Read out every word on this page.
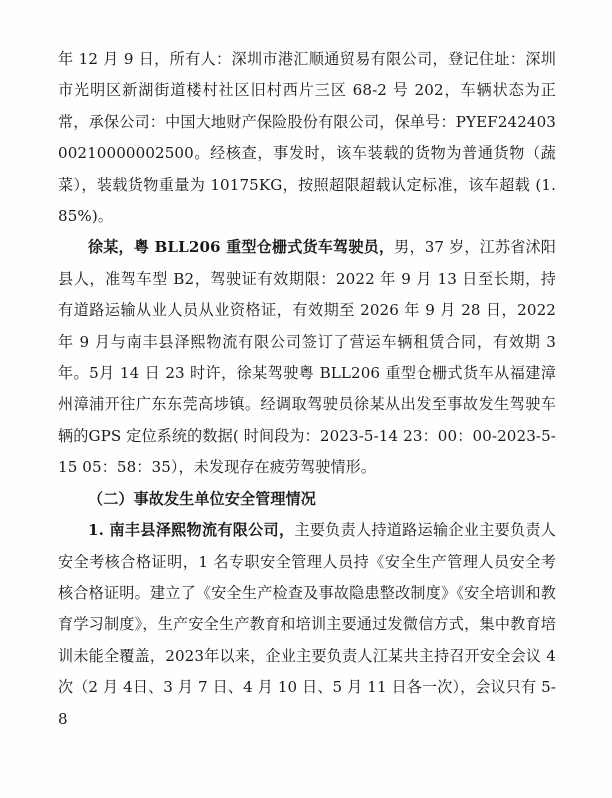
年 12 月 9 日，所有人：深圳市港汇顺通贸易有限公司，登记住址：深圳市光明区新湖街道楼村社区旧村西片三区 68-2 号 202，车辆状态为正常，承保公司：中国大地财产保险股份有限公司，保单号：PYEF24240300210000002500。经核查，事发时，该车装载的货物为普通货物（蔬菜），装载货物重量为 10175KG，按照超限超载认定标准，该车超载 (1.85%)。

徐某，粤 BLL206 重型仓栅式货车驾驶员，男，37 岁，江苏省沭阳县人，准驾车型 B2，驾驶证有效期限：2022 年 9 月 13 日至长期，持有道路运输从业人员从业资格证，有效期至 2026 年 9 月 28 日，2022 年 9 月与南丰县泽熙物流有限公司签订了营运车辆租赁合同，有效期 3 年。5月 14 日 23 时许，徐某驾驶粤 BLL206 重型仓栅式货车从福建漳州漳浦开往广东东莞高埗镇。经调取驾驶员徐某从出发至事故发生驾驶车辆的GPS 定位系统的数据( 时间段为：2023-5-14 23：00：00-2023-5-15 05：58：35），未发现存在疲劳驾驶情形。

（二）事故发生单位安全管理情况

1. 南丰县泽熙物流有限公司，主要负责人持道路运输企业主要负责人安全考核合格证明，1 名专职安全管理人员持《安全生产管理人员安全考核合格证明。建立了《安全生产检查及事故隐患整改制度》《安全培训和教育学习制度》，生产安全生产教育和培训主要通过发微信方式，集中教育培训未能全覆盖，2023年以来，企业主要负责人江某共主持召开安全会议 4 次（2 月 4日、3 月 7 日、4 月 10 日、5 月 11 日各一次），会议只有 5-8
